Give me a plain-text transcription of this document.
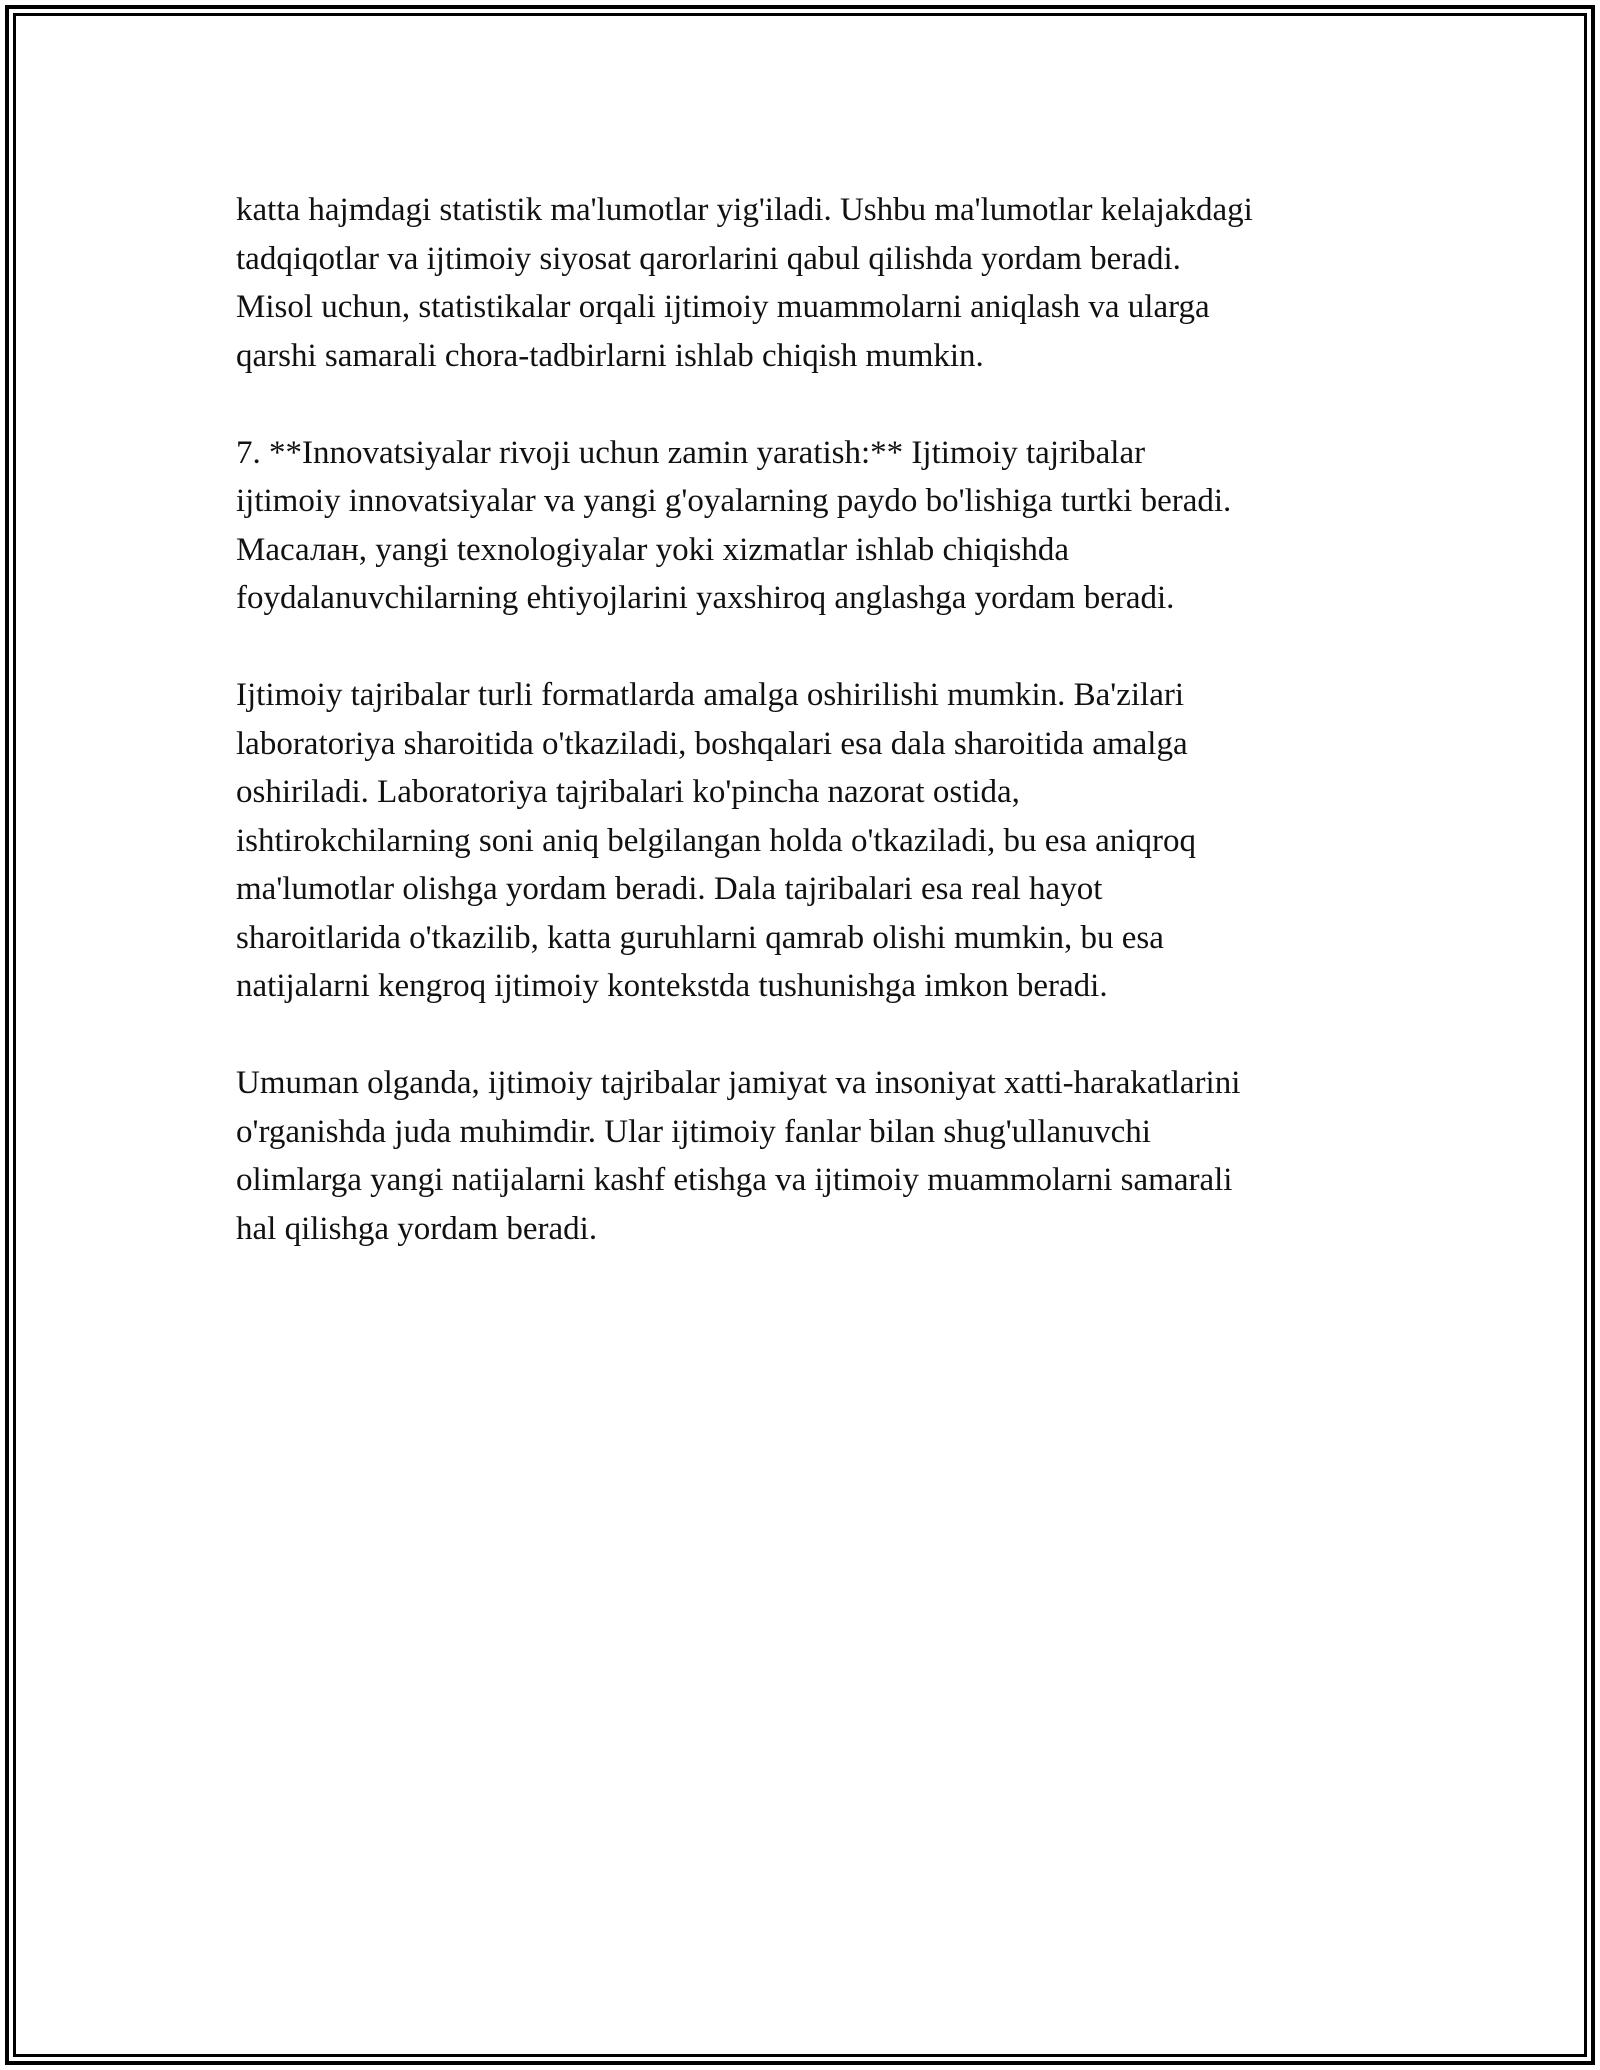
katta hajmdagi statistik ma'lumotlar yig'iladi. Ushbu ma'lumotlar kelajakdagi
tadqiqotlar va ijtimoiy siyosat qarorlarini qabul qilishda yordam beradi.
Misol uchun, statistikalar orqali ijtimoiy muammolarni aniqlash va ularga
qarshi samarali chora-tadbirlarni ishlab chiqish mumkin.

7. **Innovatsiyalar rivoji uchun zamin yaratish:** Ijtimoiy tajribalar
ijtimoiy innovatsiyalar va yangi g'oyalarning paydo bo'lishiga turtki beradi.
Масалан, yangi texnologiyalar yoki xizmatlar ishlab chiqishda
foydalanuvchilarning ehtiyojlarini yaxshiroq anglashga yordam beradi.

Ijtimoiy tajribalar turli formatlarda amalga oshirilishi mumkin. Ba'zilari
laboratoriya sharoitida o'tkaziladi, boshqalari esa dala sharoitida amalga
oshiriladi. Laboratoriya tajribalari ko'pincha nazorat ostida,
ishtirokchilarning soni aniq belgilangan holda o'tkaziladi, bu esa aniqroq
ma'lumotlar olishga yordam beradi. Dala tajribalari esa real hayot
sharoitlarida o'tkazilib, katta guruhlarni qamrab olishi mumkin, bu esa
natijalarni kengroq ijtimoiy kontekstda tushunishga imkon beradi.

Umuman olganda, ijtimoiy tajribalar jamiyat va insoniyat xatti-harakatlarini
o'rganishda juda muhimdir. Ular ijtimoiy fanlar bilan shug'ullanuvchi
olimlarga yangi natijalarni kashf etishga va ijtimoiy muammolarni samarali
hal qilishga yordam beradi.
